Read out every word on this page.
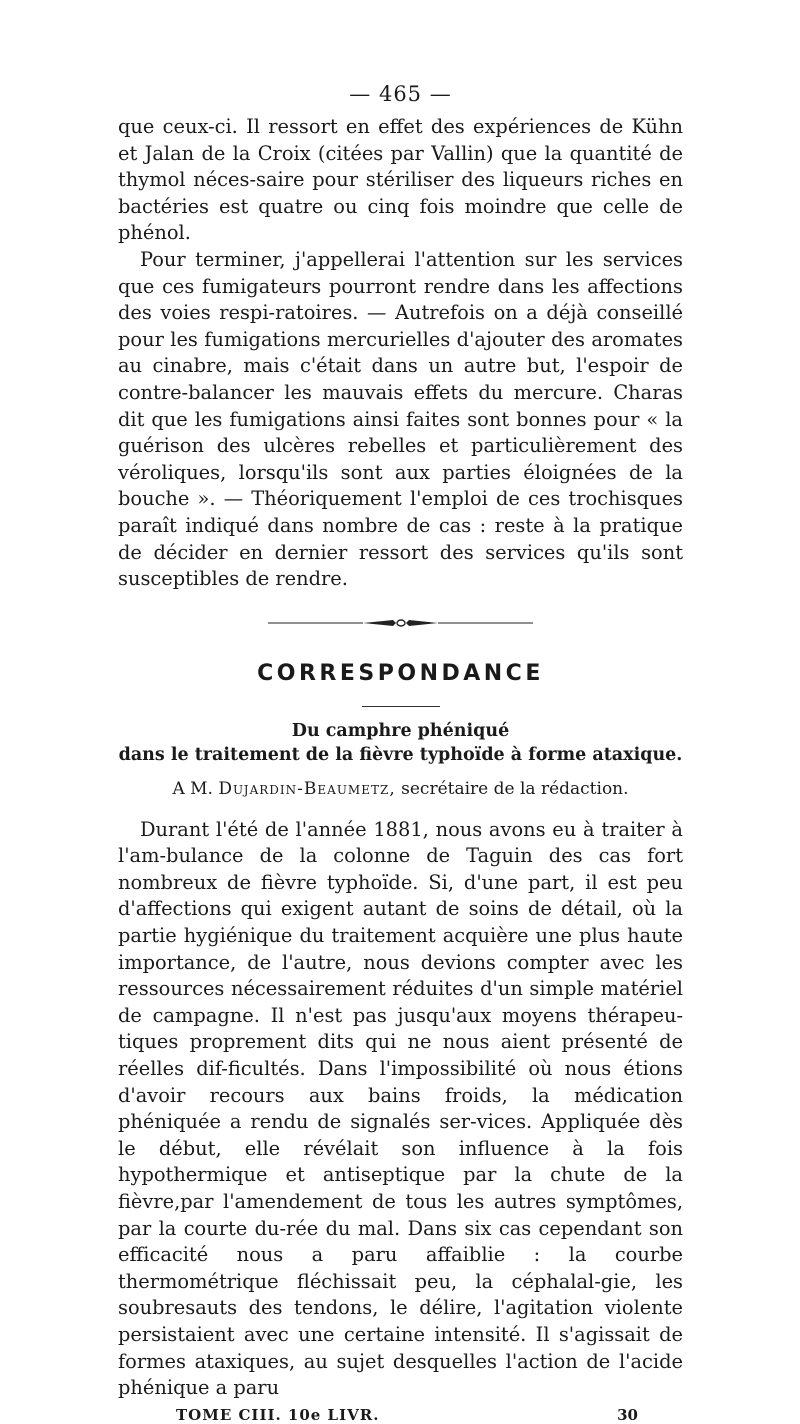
— 465 —

que ceux-ci. Il ressort en effet des expériences de Kühn et Jalan de la Croix (citées par Vallin) que la quantité de thymol néces-saire pour stériliser des liqueurs riches en bactéries est quatre ou cinq fois moindre que celle de phénol.

Pour terminer, j'appellerai l'attention sur les services que ces fumigateurs pourront rendre dans les affections des voies respi-ratoires. — Autrefois on a déjà conseillé pour les fumigations mercurielles d'ajouter des aromates au cinabre, mais c'était dans un autre but, l'espoir de contre-balancer les mauvais effets du mercure. Charas dit que les fumigations ainsi faites sont bonnes pour « la guérison des ulcères rebelles et particulièrement des véroliques, lorsqu'ils sont aux parties éloignées de la bouche ». — Théoriquement l'emploi de ces trochisques paraît indiqué dans nombre de cas : reste à la pratique de décider en dernier ressort des services qu'ils sont susceptibles de rendre.

CORRESPONDANCE

Du camphre phéniqué

dans le traitement de la fièvre typhoïde à forme ataxique.

A M. Dujardin-Beaumetz, secrétaire de la rédaction.

Durant l'été de l'année 1881, nous avons eu à traiter à l'am-bulance de la colonne de Taguin des cas fort nombreux de fièvre typhoïde. Si, d'une part, il est peu d'affections qui exigent autant de soins de détail, où la partie hygiénique du traitement acquière une plus haute importance, de l'autre, nous devions compter avec les ressources nécessairement réduites d'un simple matériel de campagne. Il n'est pas jusqu'aux moyens thérapeu-tiques proprement dits qui ne nous aient présenté de réelles dif-ficultés. Dans l'impossibilité où nous étions d'avoir recours aux bains froids, la médication phéniquée a rendu de signalés ser-vices. Appliquée dès le début, elle révélait son influence à la fois hypothermique et antiseptique par la chute de la fièvre,par l'amendement de tous les autres symptômes, par la courte du-rée du mal. Dans six cas cependant son efficacité nous a paru affaiblie : la courbe thermométrique fléchissait peu, la céphalal-gie, les soubresauts des tendons, le délire, l'agitation violente persistaient avec une certaine intensité. Il s'agissait de formes ataxiques, au sujet desquelles l'action de l'acide phénique a paru

TOME CIII. 10e LIVR.	30
